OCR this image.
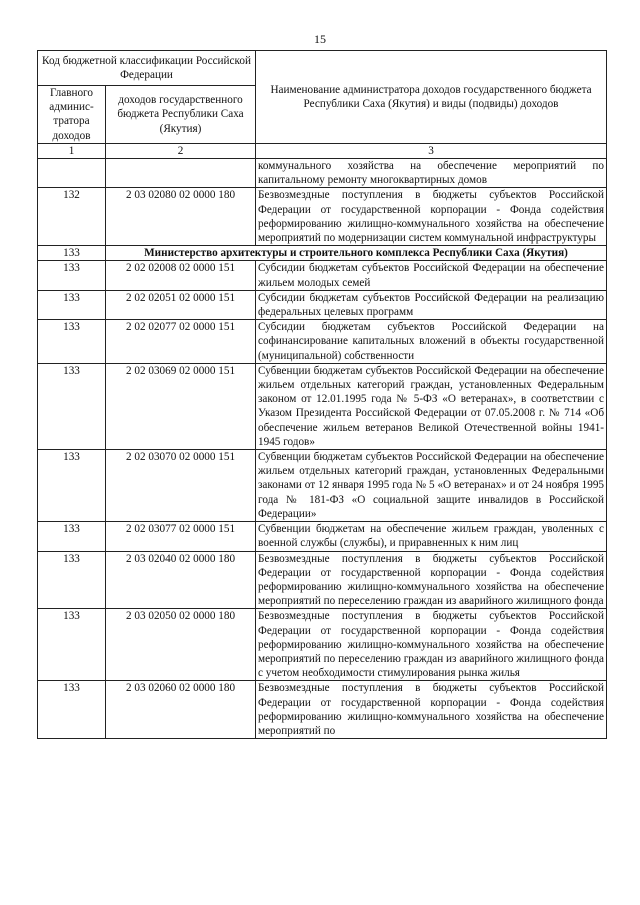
15
Код бюджетной классификации Российской Федерации		Наименование администратора доходов государственного бюджета Республики Саха (Якутия) и виды (подвиды) доходов
Главного админис-тратора доходов	доходов государственного бюджета Республики Саха (Якутия)	
1	2	3
		коммунального хозяйства на обеспечение мероприятий по капитальному ремонту многоквартирных домов
132	2 03 02080 02 0000 180	Безвозмездные поступления в бюджеты субъектов Российской Федерации от государственной корпорации - Фонда содействия реформированию жилищно-коммунального хозяйства на обеспечение мероприятий по модернизации систем коммунальной инфраструктуры
133	Министерство архитектуры и строительного комплекса Республики Саха (Якутия)	
133	2 02 02008 02 0000 151	Субсидии бюджетам субъектов Российской Федерации на обеспечение жильем молодых семей
133	2 02 02051 02 0000 151	Субсидии бюджетам субъектов Российской Федерации на реализацию федеральных целевых программ
133	2 02 02077 02 0000 151	Субсидии бюджетам субъектов Российской Федерации на софинансирование капитальных вложений в объекты государственной (муниципальной) собственности
133	2 02 03069 02 0000 151	Субвенции бюджетам субъектов Российской Федерации на обеспечение жильем отдельных категорий граждан, установленных Федеральным законом от 12.01.1995 года № 5-ФЗ «О ветеранах», в соответствии с Указом Президента Российской Федерации от 07.05.2008 г. № 714 «Об обеспечение жильем ветеранов Великой Отечественной войны 1941-1945 годов»
133	2 02 03070 02 0000 151	Субвенции бюджетам субъектов Российской Федерации на обеспечение жильем отдельных категорий граждан, установленных Федеральными законами от 12 января 1995 года № 5 «О ветеранах» и от 24 ноября 1995 года № 181-ФЗ «О социальной защите инвалидов в Российской Федерации»
133	2 02 03077 02 0000 151	Субвенции бюджетам на обеспечение жильем граждан, уволенных с военной службы (службы), и приравненных к ним лиц
133	2 03 02040 02 0000 180	Безвозмездные поступления в бюджеты субъектов Российской Федерации от государственной корпорации - Фонда содействия реформированию жилищно-коммунального хозяйства на обеспечение мероприятий по переселению граждан из аварийного жилищного фонда
133	2 03 02050 02 0000 180	Безвозмездные поступления в бюджеты субъектов Российской Федерации от государственной корпорации - Фонда содействия реформированию жилищно-коммунального хозяйства на обеспечение мероприятий по переселению граждан из аварийного жилищного фонда с учетом необходимости стимулирования рынка жилья
133	2 03 02060 02 0000 180	Безвозмездные поступления в бюджеты субъектов Российской Федерации от государственной корпорации - Фонда содействия реформированию жилищно-коммунального хозяйства на обеспечение мероприятий по
